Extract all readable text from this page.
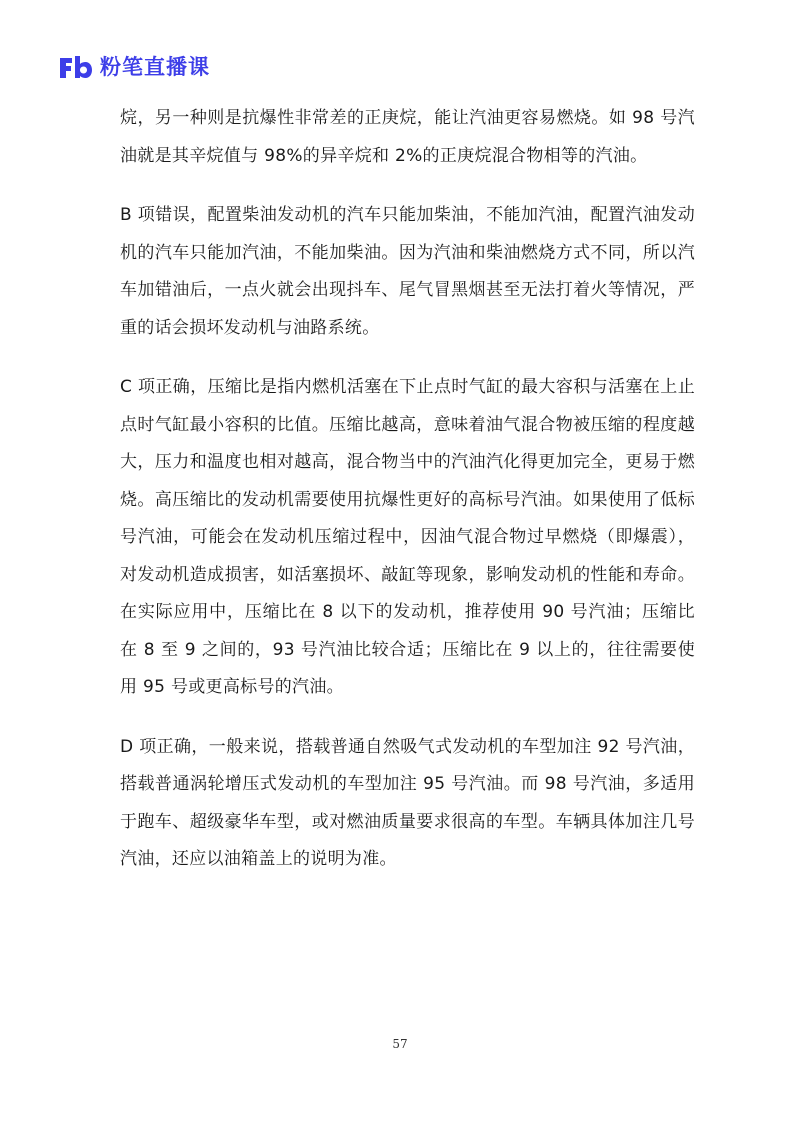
粉笔直播课

烷，另一种则是抗爆性非常差的正庚烷，能让汽油更容易燃烧。如 98 号汽油就是其辛烷值与 98%的异辛烷和 2%的正庚烷混合物相等的汽油。

B 项错误，配置柴油发动机的汽车只能加柴油，不能加汽油，配置汽油发动机的汽车只能加汽油，不能加柴油。因为汽油和柴油燃烧方式不同，所以汽车加错油后，一点火就会出现抖车、尾气冒黑烟甚至无法打着火等情况，严重的话会损坏发动机与油路系统。

C 项正确，压缩比是指内燃机活塞在下止点时气缸的最大容积与活塞在上止点时气缸最小容积的比值。压缩比越高，意味着油气混合物被压缩的程度越大，压力和温度也相对越高，混合物当中的汽油汽化得更加完全，更易于燃烧。高压缩比的发动机需要使用抗爆性更好的高标号汽油。如果使用了低标号汽油，可能会在发动机压缩过程中，因油气混合物过早燃烧（即爆震），对发动机造成损害，如活塞损坏、敲缸等现象，影响发动机的性能和寿命。在实际应用中，压缩比在 8 以下的发动机，推荐使用 90 号汽油；压缩比在 8 至 9 之间的，93 号汽油比较合适；压缩比在 9 以上的，往往需要使用 95 号或更高标号的汽油。

D 项正确，一般来说，搭载普通自然吸气式发动机的车型加注 92 号汽油，搭载普通涡轮增压式发动机的车型加注 95 号汽油。而 98 号汽油，多适用于跑车、超级豪华车型，或对燃油质量要求很高的车型。车辆具体加注几号汽油，还应以油箱盖上的说明为准。

57
